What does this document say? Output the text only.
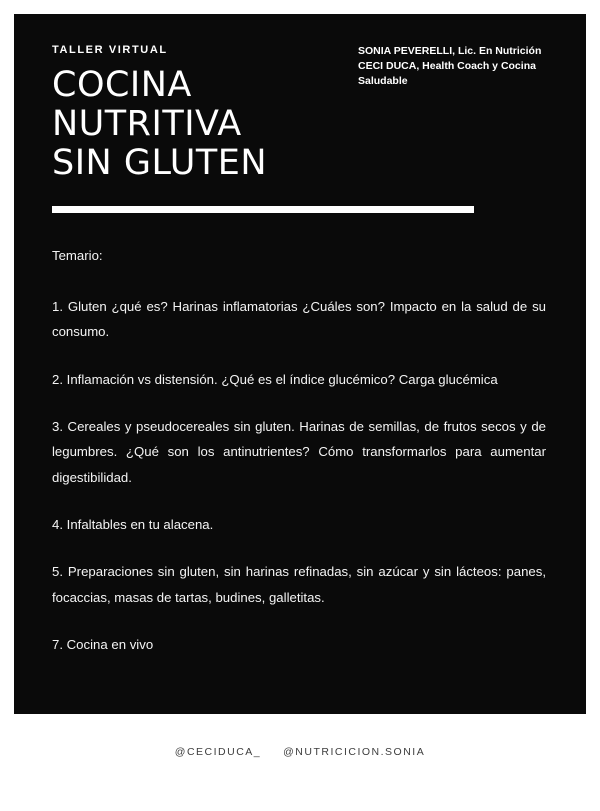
TALLER VIRTUAL
COCINA NUTRITIVA
SIN GLUTEN
SONIA PEVERELLI, Lic. En Nutrición
CECI DUCA, Health Coach y Cocina
Saludable

Temario:

1. Gluten ¿qué es? Harinas inflamatorias ¿Cuáles son? Impacto en la salud de su consumo.

2. Inflamación vs distensión. ¿Qué es el índice glucémico? Carga glucémica

3. Cereales y pseudocereales sin gluten. Harinas de semillas, de frutos secos y de legumbres. ¿Qué son los antinutrientes? Cómo transformarlos para aumentar digestibilidad.

4. Infaltables en tu alacena.

5. Preparaciones sin gluten, sin harinas refinadas, sin azúcar y sin lácteos: panes, focaccias, masas de tartas, budines, galletitas.

7. Cocina en vivo

@CECIDUCA_ @NUTRICICION.SONIA
